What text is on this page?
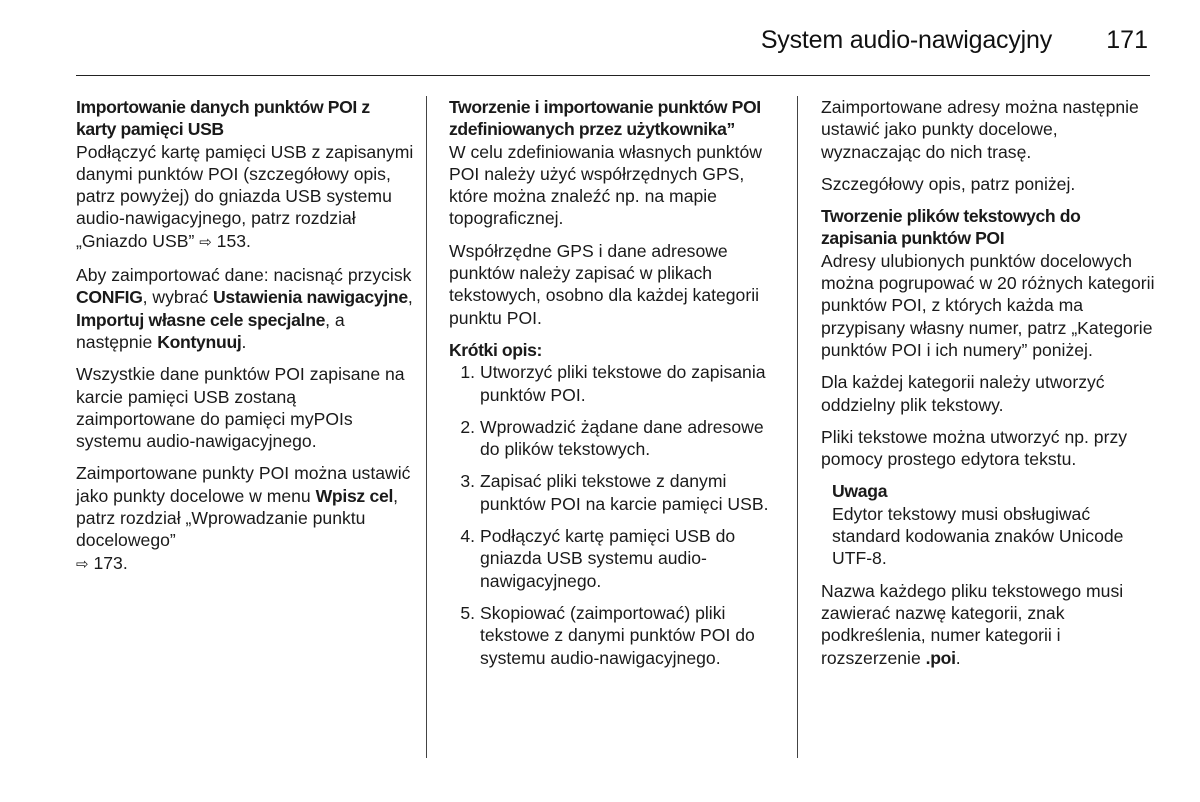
System audio-nawigacyjny 171

Importowanie danych punktów POI z karty pamięci USB

Podłączyć kartę pamięci USB z zapisanymi danymi punktów POI (szczegółowy opis, patrz powyżej) do gniazda USB systemu audio-nawigacyjnego, patrz rozdział „Gniazdo USB” ⇨ 153.

Aby zaimportować dane: nacisnąć przycisk CONFIG, wybrać Ustawienia nawigacyjne, Importuj własne cele specjalne, a następnie Kontynuuj.

Wszystkie dane punktów POI zapisane na karcie pamięci USB zostaną zaimportowane do pamięci myPOIs systemu audio-nawigacyjnego.

Zaimportowane punkty POI można ustawić jako punkty docelowe w menu Wpisz cel, patrz rozdział „Wprowadzanie punktu docelowego”
⇨ 173.

Tworzenie i importowanie punktów POI zdefiniowanych przez użytkownika”

W celu zdefiniowania własnych punktów POI należy użyć współrzędnych GPS, które można znaleźć np. na mapie topograficznej.

Współrzędne GPS i dane adresowe punktów należy zapisać w plikach tekstowych, osobno dla każdej kategorii punktu POI.

Krótki opis:

1. Utworzyć pliki tekstowe do zapisania punktów POI.
2. Wprowadzić żądane dane adresowe do plików tekstowych.
3. Zapisać pliki tekstowe z danymi punktów POI na karcie pamięci USB.
4. Podłączyć kartę pamięci USB do gniazda USB systemu audio-nawigacyjnego.
5. Skopiować (zaimportować) pliki tekstowe z danymi punktów POI do systemu audio-nawigacyjnego.

Zaimportowane adresy można następnie ustawić jako punkty docelowe, wyznaczając do nich trasę.

Szczegółowy opis, patrz poniżej.

Tworzenie plików tekstowych do zapisania punktów POI

Adresy ulubionych punktów docelowych można pogrupować w 20 różnych kategorii punktów POI, z których każda ma przypisany własny numer, patrz „Kategorie punktów POI i ich numery” poniżej.

Dla każdej kategorii należy utworzyć oddzielny plik tekstowy.

Pliki tekstowe można utworzyć np. przy pomocy prostego edytora tekstu.

Uwaga
Edytor tekstowy musi obsługiwać standard kodowania znaków Unicode UTF-8.

Nazwa każdego pliku tekstowego musi zawierać nazwę kategorii, znak podkreślenia, numer kategorii i rozszerzenie .poi.
